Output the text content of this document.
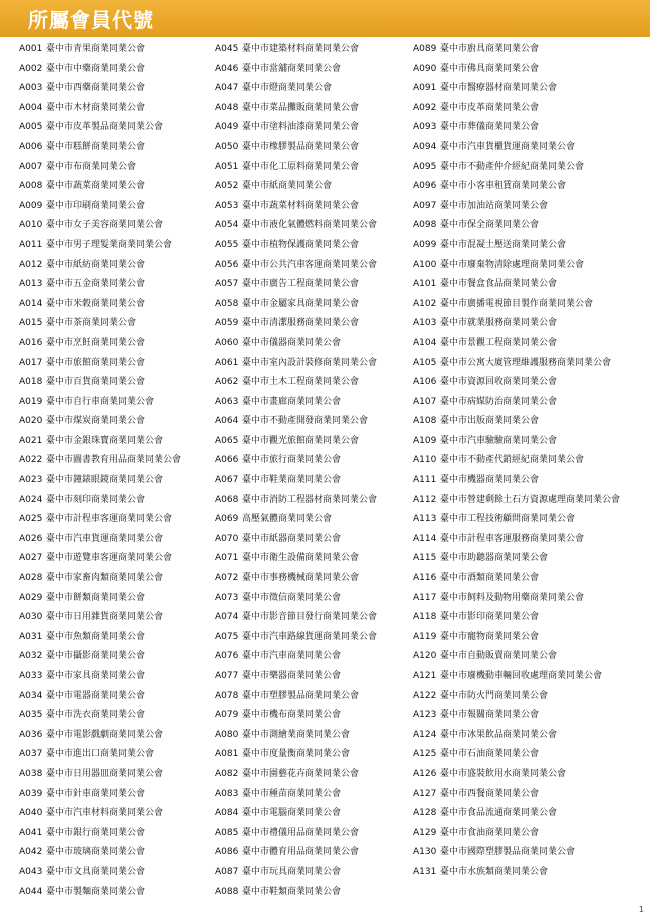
所屬會員代號
A001 臺中市青果商業同業公會
A002 臺中市中藥商業同業公會
A003 臺中市西藥商業同業公會
A004 臺中市木材商業同業公會
A005 臺中市皮革製品商業同業公會
A006 臺中市糕餅商業同業公會
A007 臺中市布商業同業公會
A008 臺中市蔬菜商業同業公會
A009 臺中市印刷商業同業公會
A010 臺中市女子美容商業同業公會
A011 臺中市男子理髮業商業同業公會
A012 臺中市紙紡商業同業公會
A013 臺中市五金商業同業公會
A014 臺中市米穀商業同業公會
A015 臺中市茶商業同業公會
A016 臺中市烹飪商業同業公會
A017 臺中市旅館商業同業公會
A018 臺中市百貨商業同業公會
A019 臺中市自行車商業同業公會
A020 臺中市煤炭商業同業公會
A021 臺中市金銀珠寶商業同業公會
A022 臺中市圖書教育用品商業同業公會
A023 臺中市鐘錶眼鏡商業同業公會
A024 臺中市刻印商業同業公會
A025 臺中市計程車客運商業同業公會
A026 臺中市汽車貨運商業同業公會
A027 臺中市遊覽車客運商業同業公會
A028 臺中市家畜肉類商業同業公會
A029 臺中市餅類商業同業公會
A030 臺中市日用雜貨商業同業公會
A031 臺中市魚類商業同業公會
A032 臺中市攝影商業同業公會
A033 臺中市家具商業同業公會
A034 臺中市電器商業同業公會
A035 臺中市洗衣商業同業公會
A036 臺中市電影戲劇商業同業公會
A037 臺中市進出口商業同業公會
A038 臺中市日用器皿商業同業公會
A039 臺中市針車商業同業公會
A040 臺中市汽車材料商業同業公會
A041 臺中市銀行商業同業公會
A042 臺中市玻璃商業同業公會
A043 臺中市文具商業同業公會
A044 臺中市製麵商業同業公會
A045 臺中市建築材料商業同業公會
A046 臺中市當舖商業同業公會
A047 臺中市燈商業同業公會
A048 臺中市菜品攤販商業同業公會
A049 臺中市塗料油漆商業同業公會
A050 臺中市橡膠製品商業同業公會
A051 臺中市化工原料商業同業公會
A052 臺中市紙商業同業公會
A053 臺中市蔬菜材料商業同業公會
A054 臺中市液化氣體燃料商業同業公會
A055 臺中市植物保護商業同業公會
A056 臺中市公共汽車客運商業同業公會
A057 臺中市廣告工程商業同業公會
A058 臺中市金屬家具商業同業公會
A059 臺中市清潔服務商業同業公會
A060 臺中市儀器商業同業公會
A061 臺中市室內設計裝修商業同業公會
A062 臺中市土木工程商業同業公會
A063 臺中市畫廊商業同業公會
A064 臺中市不動產開發商業同業公會
A065 臺中市觀光旅館商業同業公會
A066 臺中市旅行商業同業公會
A067 臺中市鞋業商業同業公會
A068 臺中市消防工程器材商業同業公會
A069 高壓氣體商業同業公會
A070 臺中市紙器商業同業公會
A071 臺中市衛生設備商業同業公會
A072 臺中市事務機械商業同業公會
A073 臺中市徵信商業同業公會
A074 臺中市影音節目發行商業同業公會
A075 臺中市汽車路線貨運商業同業公會
A076 臺中市汽車商業同業公會
A077 臺中市樂器商業同業公會
A078 臺中市塑膠製品商業同業公會
A079 臺中市機布商業同業公會
A080 臺中市測繪業商業同業公會
A081 臺中市度量衡商業同業公會
A082 臺中市園藝花卉商業同業公會
A083 臺中市種苗商業同業公會
A084 臺中市電腦商業同業公會
A085 臺中市禮儀用品商業同業公會
A086 臺中市體育用品商業同業公會
A087 臺中市玩具商業同業公會
A088 臺中市鞋類商業同業公會
A089 臺中市廚具商業同業公會
A090 臺中市佛具商業同業公會
A091 臺中市醫療器材商業同業公會
A092 臺中市皮革商業同業公會
A093 臺中市葬儀商業同業公會
A094 臺中市汽車貨櫃貨運商業同業公會
A095 臺中市不動產仲介經紀商業同業公會
A096 臺中市小客車租賃商業同業公會
A097 臺中市加油站商業同業公會
A098 臺中市保全商業同業公會
A099 臺中市混凝土壓送商業同業公會
A100 臺中市廢棄物清除處理商業同業公會
A101 臺中市餐盒食品商業同業公會
A102 臺中市廣播電視節目製作商業同業公會
A103 臺中市就業服務商業同業公會
A104 臺中市景觀工程商業同業公會
A105 臺中市公寓大廈管理維護服務商業同業公會
A106 臺中市資源回收商業同業公會
A107 臺中市病媒防治商業同業公會
A108 臺中市出版商業同業公會
A109 臺中市汽車驗驗商業同業公會
A110 臺中市不動產代銷經紀商業同業公會
A111 臺中市機器商業同業公會
A112 臺中市營建剩餘土石方資源處理商業同業公會
A113 臺中市工程技術顧問商業同業公會
A114 臺中市計程車客運服務商業同業公會
A115 臺中市助聽器商業同業公會
A116 臺中市酒類商業同業公會
A117 臺中市飼料及動物用藥商業同業公會
A118 臺中市影印商業同業公會
A119 臺中市寵物商業同業公會
A120 臺中市自動販賣商業同業公會
A121 臺中市廢機動車輛回收處理商業同業公會
A122 臺中市防火門商業同業公會
A123 臺中市報關商業同業公會
A124 臺中市冰果飲品商業同業公會
A125 臺中市石油商業同業公會
A126 臺中市盛裝飲用水商業同業公會
A127 臺中市西餐商業同業公會
A128 臺中市食品流通商業同業公會
A129 臺中市食油商業同業公會
A130 臺中市國際塑膠製品商業同業公會
A131 臺中市水族類商業同業公會
1
